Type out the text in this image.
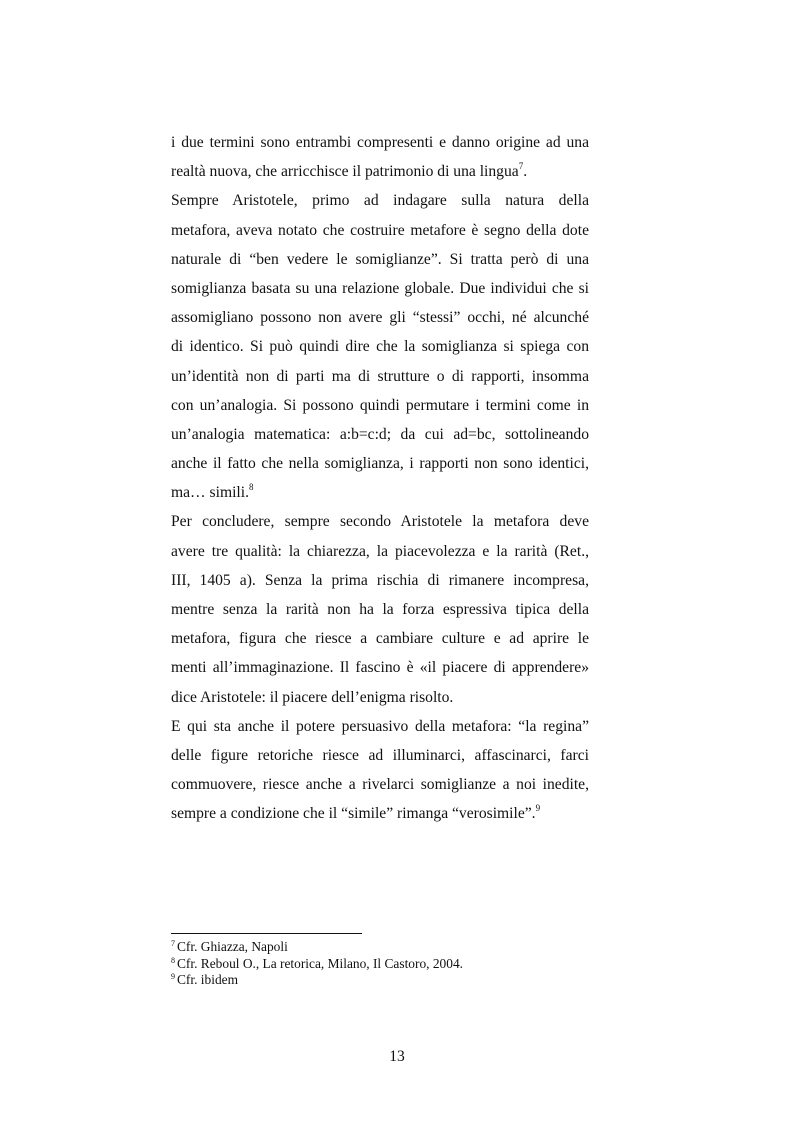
i due termini sono entrambi compresenti e danno origine ad una
realtà nuova, che arricchisce il patrimonio di una lingua$^7$.
Sempre Aristotele, primo ad indagare sulla natura della
metafora, aveva notato che costruire metafore è segno della dote
naturale di “ben vedere le somiglianze”. Si tratta però di una
somiglianza basata su una relazione globale. Due individui che si
assomigliano possono non avere gli “stessi” occhi, né alcunché
di identico. Si può quindi dire che la somiglianza si spiega con
un’identità non di parti ma di strutture o di rapporti, insomma
con un’analogia. Si possono quindi permutare i termini come in
un’analogia matematica: a:b=c:d; da cui ad=bc, sottolineando
anche il fatto che nella somiglianza, i rapporti non sono identici,
ma… simili.$^8$
Per concludere, sempre secondo Aristotele la metafora deve
avere tre qualità: la chiarezza, la piacevolezza e la rarità (Ret.,
III, 1405 a). Senza la prima rischia di rimanere incompresa,
mentre senza la rarità non ha la forza espressiva tipica della
metafora, figura che riesce a cambiare culture e ad aprire le
menti all’immaginazione. Il fascino è «il piacere di apprendere»
dice Aristotele: il piacere dell’enigma risolto.
E qui sta anche il potere persuasivo della metafora: “la regina”
delle figure retoriche riesce ad illuminarci, affascinarci, farci
commuovere, riesce anche a rivelarci somiglianze a noi inedite,
sempre a condizione che il “simile” rimanga “verosimile”.$^9$
$^7$ Cfr. Ghiazza, Napoli
$^8$ Cfr. Reboul O., La retorica, Milano, Il Castoro, 2004.
$^9$ Cfr. ibidem
13
